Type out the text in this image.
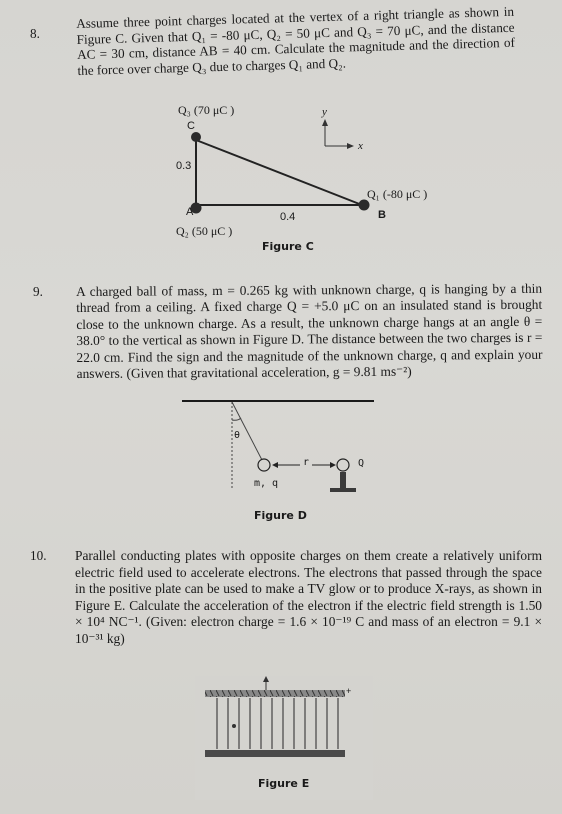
8.
Assume three point charges located at the vertex of a right triangle as shown in Figure C. Given that Q₁ = -80 μC, Q₂ = 50 μC and Q₃ = 70 μC, and the distance AC = 30 cm, distance AB = 40 cm. Calculate the magnitude and the direction of the force over charge Q₃ due to charges Q₁ and Q₂.
Q₃ (70 μC )
C
0.3
A
Q₂ (50 μC )
0.4
Q₁ (-80 μC )
B
y
x
Figure C
9. A charged ball of mass, m = 0.265 kg with unknown charge, q is hanging by a thin thread from a ceiling. A fixed charge Q = +5.0 μC on an insulated stand is brought close to the unknown charge. As a result, the unknown charge hangs at an angle θ = 38.0° to the vertical as shown in Figure D. The distance between the two charges is r = 22.0 cm. Find the sign and the magnitude of the unknown charge, q and explain your answers. (Given that gravitational acceleration, g = 9.81 ms⁻²)
θ
r	Q
m, q
Figure D
10. Parallel conducting plates with opposite charges on them create a relatively uniform electric field used to accelerate electrons. The electrons that passed through the space in the positive plate can be used to make a TV glow or to produce X-rays, as shown in Figure E. Calculate the acceleration of the electron if the electric field strength is 1.50 × 10⁴ NC⁻¹. (Given: electron charge = 1.6 × 10⁻¹⁹ C and mass of an electron = 9.1 × 10⁻³¹ kg)
+
Figure E
